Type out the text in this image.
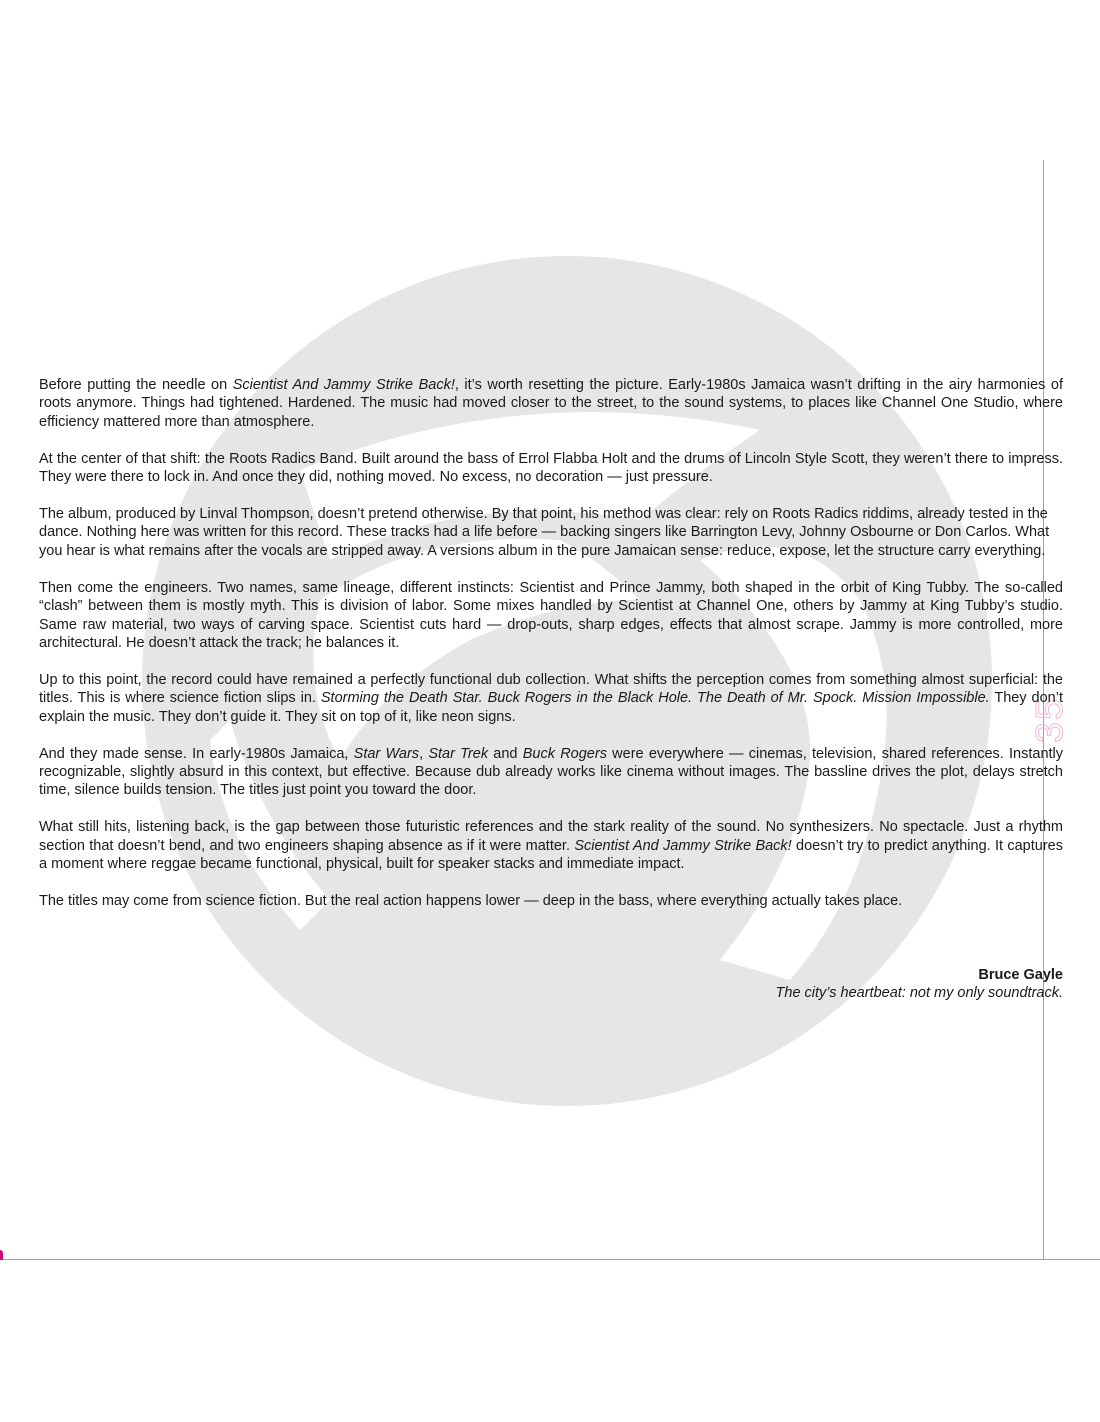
35

Before putting the needle on Scientist And Jammy Strike Back!, it’s worth resetting the picture. Early-1980s Jamaica wasn’t drifting in the airy harmonies of roots anymore. Things had tightened. Hardened. The music had moved closer to the street, to the sound systems, to places like Channel One Studio, where efficiency mattered more than atmosphere.

At the center of that shift: the Roots Radics Band. Built around the bass of Errol Flabba Holt and the drums of Lincoln Style Scott, they weren’t there to impress. They were there to lock in. And once they did, nothing moved. No excess, no decoration — just pressure.

The album, produced by Linval Thompson, doesn’t pretend otherwise. By that point, his method was clear: rely on Roots Radics riddims, already tested in the dance. Nothing here was written for this record. These tracks had a life before — backing singers like Barrington Levy, Johnny Osbourne or Don Carlos. What you hear is what remains after the vocals are stripped away. A versions album in the pure Jamaican sense: reduce, expose, let the structure carry everything.

Then come the engineers. Two names, same lineage, different instincts: Scientist and Prince Jammy, both shaped in the orbit of King Tubby. The so-called “clash” between them is mostly myth. This is division of labor. Some mixes handled by Scientist at Channel One, others by Jammy at King Tubby’s studio. Same raw material, two ways of carving space. Scientist cuts hard — drop-outs, sharp edges, effects that almost scrape. Jammy is more controlled, more architectural. He doesn’t attack the track; he balances it.

Up to this point, the record could have remained a perfectly functional dub collection. What shifts the perception comes from something almost superficial: the titles. This is where science fiction slips in. Storming the Death Star. Buck Rogers in the Black Hole. The Death of Mr. Spock. Mission Impossible. They don’t explain the music. They don’t guide it. They sit on top of it, like neon signs.

And they made sense. In early-1980s Jamaica, Star Wars, Star Trek and Buck Rogers were everywhere — cinemas, television, shared references. Instantly recognizable, slightly absurd in this context, but effective. Because dub already works like cinema without images. The bassline drives the plot, delays stretch time, silence builds tension. The titles just point you toward the door.

What still hits, listening back, is the gap between those futuristic references and the stark reality of the sound. No synthesizers. No spectacle. Just a rhythm section that doesn’t bend, and two engineers shaping absence as if it were matter. Scientist And Jammy Strike Back! doesn’t try to predict anything. It captures a moment where reggae became functional, physical, built for speaker stacks and immediate impact.

The titles may come from science fiction. But the real action happens lower — deep in the bass, where everything actually takes place.

Bruce Gayle
The city’s heartbeat: not my only soundtrack.
